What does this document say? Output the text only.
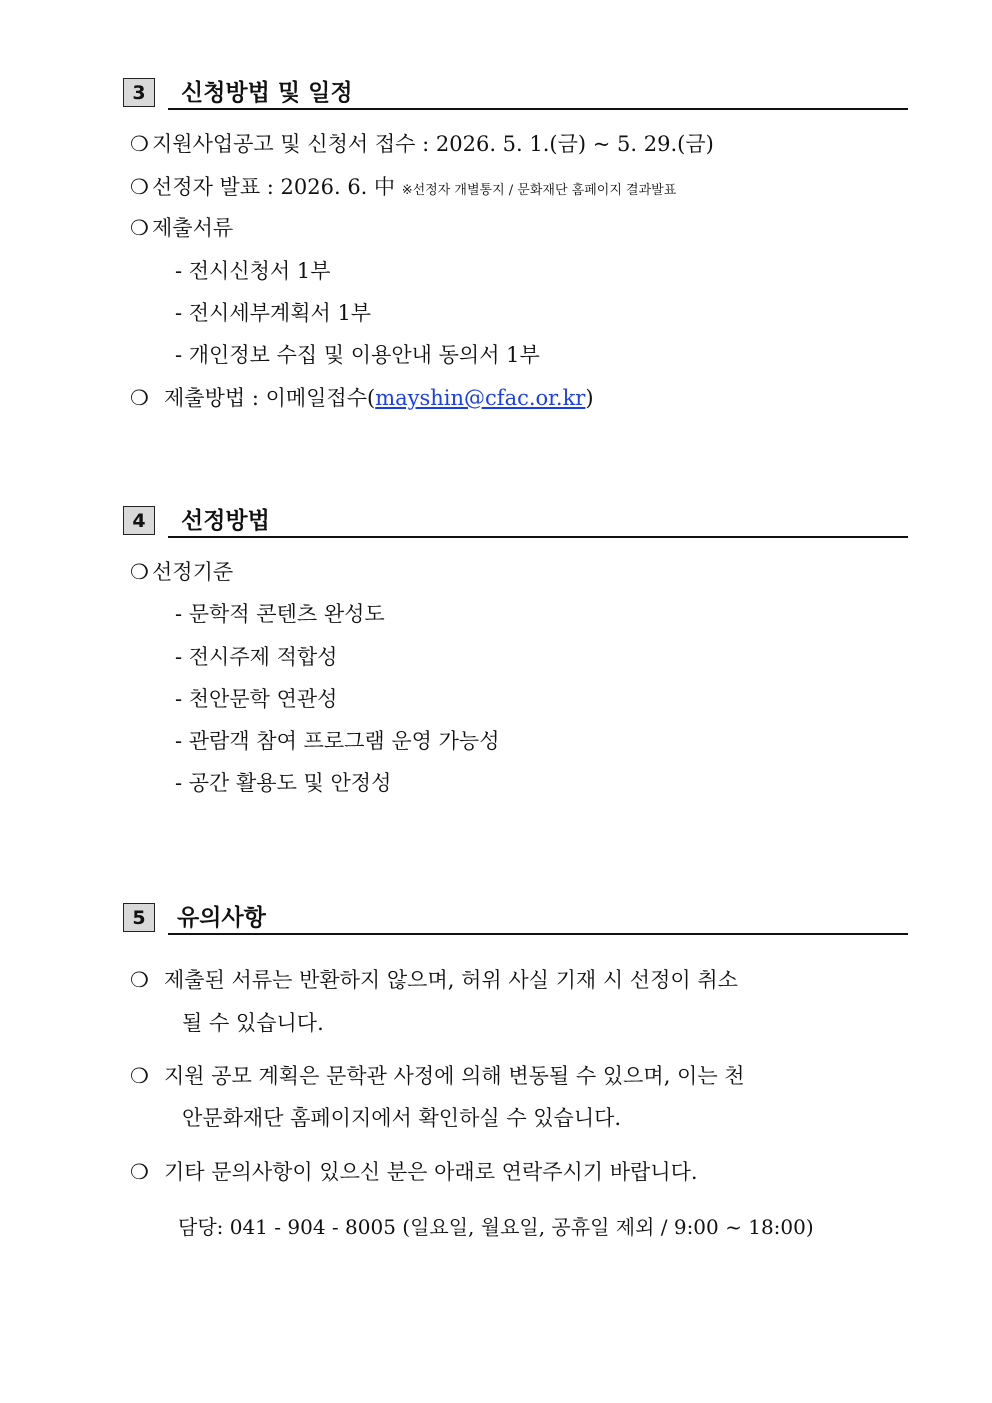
3	신청방법 및 일정
❍ 지원사업공고 및 신청서 접수 : 2026. 5. 1.(금) ~ 5. 29.(금)
❍ 선정자 발표 : 2026. 6. 中 ※선정자 개별통지 / 문화재단 홈페이지 결과발표
❍ 제출서류
- 전시신청서 1부
- 전시세부계획서 1부
- 개인정보 수집 및 이용안내 동의서 1부
❍ 제출방법 : 이메일접수(mayshin@cfac.or.kr)
4	선정방법
❍ 선정기준
- 문학적 콘텐츠 완성도
- 전시주제 적합성
- 천안문학 연관성
- 관람객 참여 프로그램 운영 가능성
- 공간 활용도 및 안정성
5	유의사항
❍ 제출된 서류는 반환하지 않으며, 허위 사실 기재 시 선정이 취소
될 수 있습니다.
❍ 지원 공모 계획은 문학관 사정에 의해 변동될 수 있으며, 이는 천
안문화재단 홈페이지에서 확인하실 수 있습니다.
❍ 기타 문의사항이 있으신 분은 아래로 연락주시기 바랍니다.
담당: 041 - 904 - 8005 (일요일, 월요일, 공휴일 제외 / 9:00 ~ 18:00)
